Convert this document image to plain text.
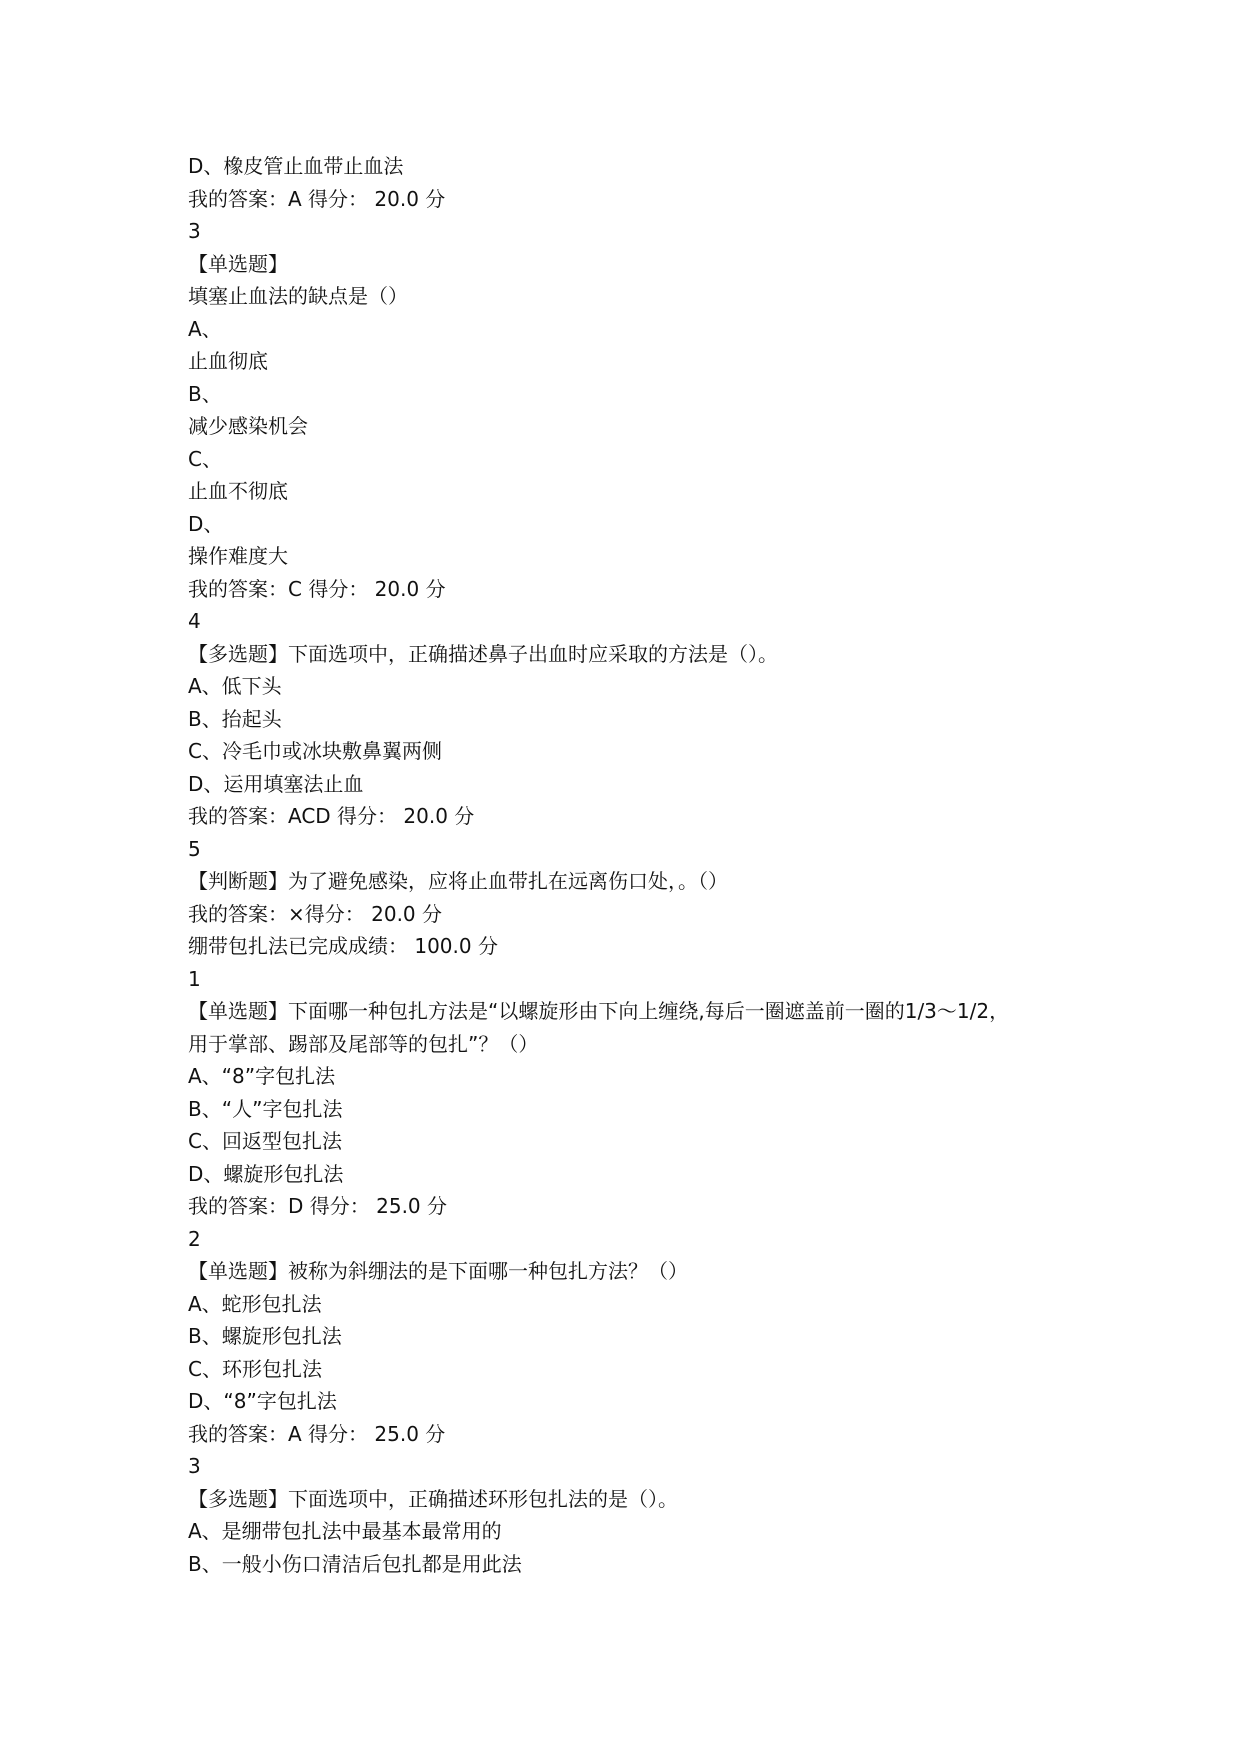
D、橡皮管止血带止血法
我的答案：A 得分： 20.0 分
3
【单选题】
填塞止血法的缺点是（）
A、
止血彻底
B、
减少感染机会
C、
止血不彻底
D、
操作难度大
我的答案：C 得分： 20.0 分
4
【多选题】下面选项中，正确描述鼻子出血时应采取的方法是（）。
A、低下头
B、抬起头
C、冷毛巾或冰块敷鼻翼两侧
D、运用填塞法止血
我的答案：ACD 得分： 20.0 分
5
【判断题】为了避免感染，应将止血带扎在远离伤口处，。（）
我的答案：×得分： 20.0 分
绷带包扎法已完成成绩： 100.0 分
1
【单选题】下面哪一种包扎方法是“以螺旋形由下向上缠绕,每后一圈遮盖前一圈的1/3～1/2，
用于掌部、踢部及尾部等的包扎”？（）
A、“8”字包扎法
B、“人”字包扎法
C、回返型包扎法
D、螺旋形包扎法
我的答案：D 得分： 25.0 分
2
【单选题】被称为斜绷法的是下面哪一种包扎方法？（）
A、蛇形包扎法
B、螺旋形包扎法
C、环形包扎法
D、“8”字包扎法
我的答案：A 得分： 25.0 分
3
【多选题】下面选项中，正确描述环形包扎法的是（）。
A、是绷带包扎法中最基本最常用的
B、一般小伤口清洁后包扎都是用此法
